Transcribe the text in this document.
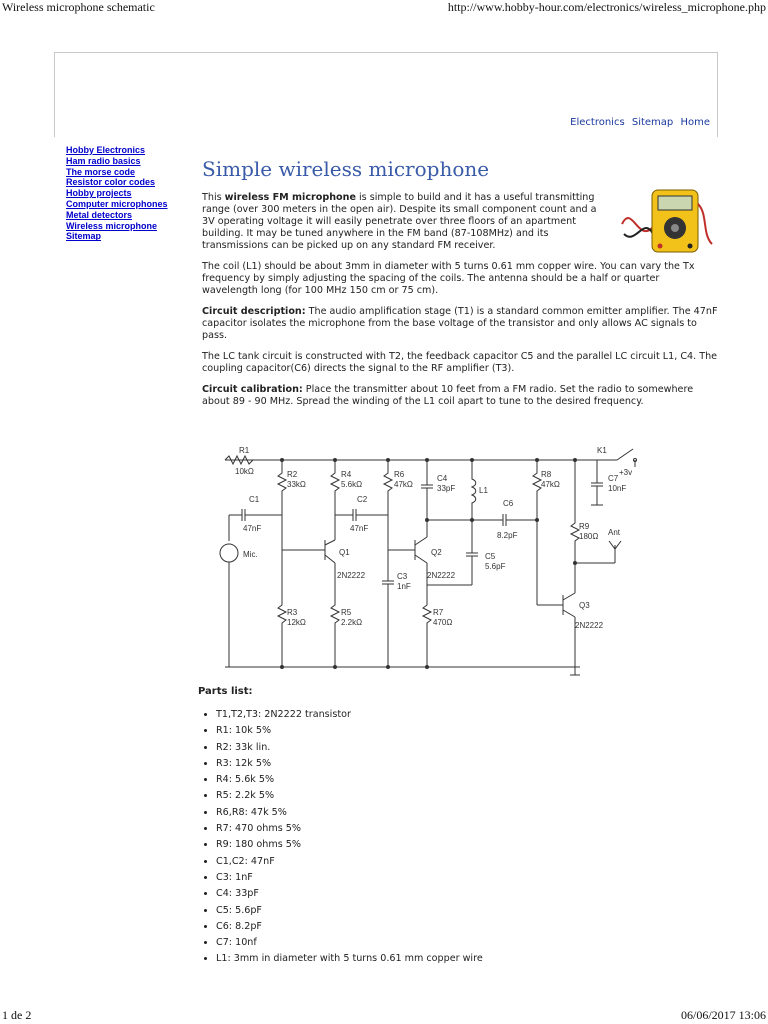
Wireless microphone schematic	http://www.hobby-hour.com/electronics/wireless_microphone.php
Electronics Sitemap Home
Hobby Electronics
Ham radio basics
The morse code
Resistor color codes
Hobby projects
Computer microphones
Metal detectors
Wireless microphone
Sitemap
Simple wireless microphone

This wireless FM microphone is simple to build and it has a useful transmitting range (over 300 meters in the open air). Despite its small component count and a 3V operating voltage it will easily penetrate over three floors of an apartment building. It may be tuned anywhere in the FM band (87-108MHz) and its transmissions can be picked up on any standard FM receiver.

The coil (L1) should be about 3mm in diameter with 5 turns 0.61 mm copper wire. You can vary the Tx frequency by simply adjusting the spacing of the coils. The antenna should be a half or quarter wavelength long (for 100 MHz 150 cm or 75 cm).

Circuit description: The audio amplification stage (T1) is a standard common emitter amplifier. The 47nF capacitor isolates the microphone from the base voltage of the transistor and only allows AC signals to pass.

The LC tank circuit is constructed with T2, the feedback capacitor C5 and the parallel LC circuit L1, C4. The coupling capacitor(C6) directs the signal to the RF amplifier (T3).

Circuit calibration: Place the transmitter about 10 feet from a FM radio. Set the radio to somewhere about 89 - 90 MHz. Spread the winding of the L1 coil apart to tune to the desired frequency.

R1
10kΩ	R2
33kΩ
R3
12kΩ
C1
47nF
Mic.
R4
5.6kΩ
Q1
2N2222
R5
2.2kΩ
C2
47nF
R6
47kΩ
C3
1nF
Q2
2N2222
R7
470Ω
C4
33pF	L1
C5
5.6pF
C6
8.2pF
R8
47kΩ
Q3
2N2222
R9
180Ω Ant
C7
10nF
K1
+3v
Parts list:
• T1,T2,T3: 2N2222 transistor
• R1: 10k 5%
• R2: 33k lin.
• R3: 12k 5%
• R4: 5.6k 5%
• R5: 2.2k 5%
• R6,R8: 47k 5%
• R7: 470 ohms 5%
• R9: 180 ohms 5%
• C1,C2: 47nF
• C3: 1nF
• C4: 33pF
• C5: 5.6pF
• C6: 8.2pF
• C7: 10nf
• L1: 3mm in diameter with 5 turns 0.61 mm copper wire
1 de 2	06/06/2017 13:06
